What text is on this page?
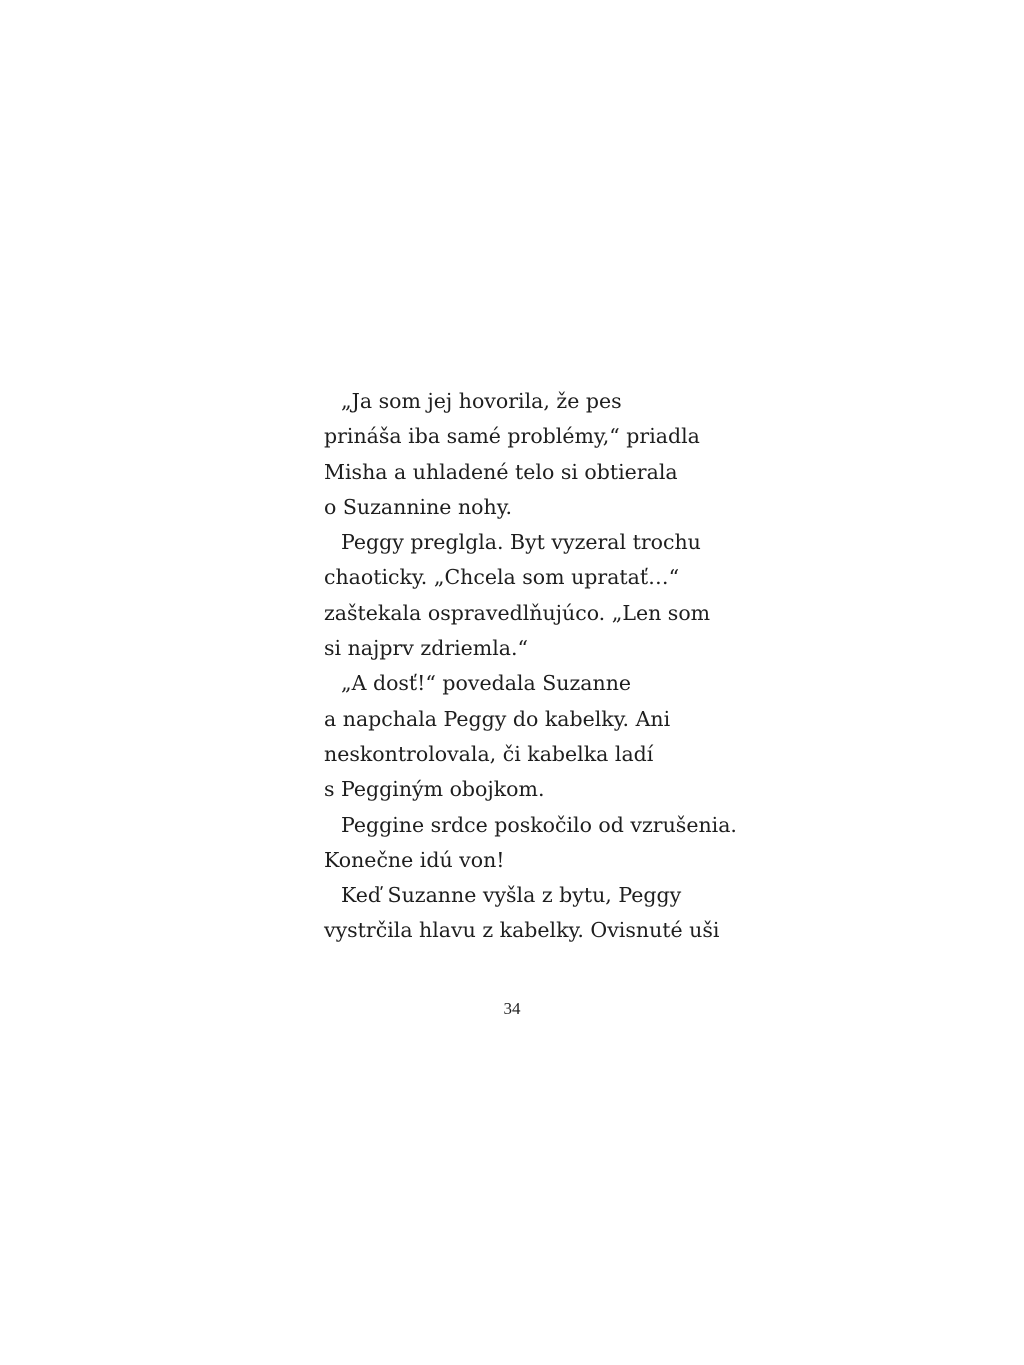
„Ja som jej hovorila, že pes
prináša iba samé problémy,“ priadla
Misha a uhladené telo si obtierala
o Suzannine nohy.
Peggy preglgla. Byt vyzeral trochu
chaoticky. „Chcela som upratať…“
zaštekala ospravedlňujúco. „Len som
si najprv zdriemla.“
„A dosť!“ povedala Suzanne
a napchala Peggy do kabelky. Ani
neskontrolovala, či kabelka ladí
s Pegginým obojkom.
Peggine srdce poskočilo od vzrušenia.
Konečne idú von!
Keď Suzanne vyšla z bytu, Peggy
vystrčila hlavu z kabelky. Ovisnuté uši
34
